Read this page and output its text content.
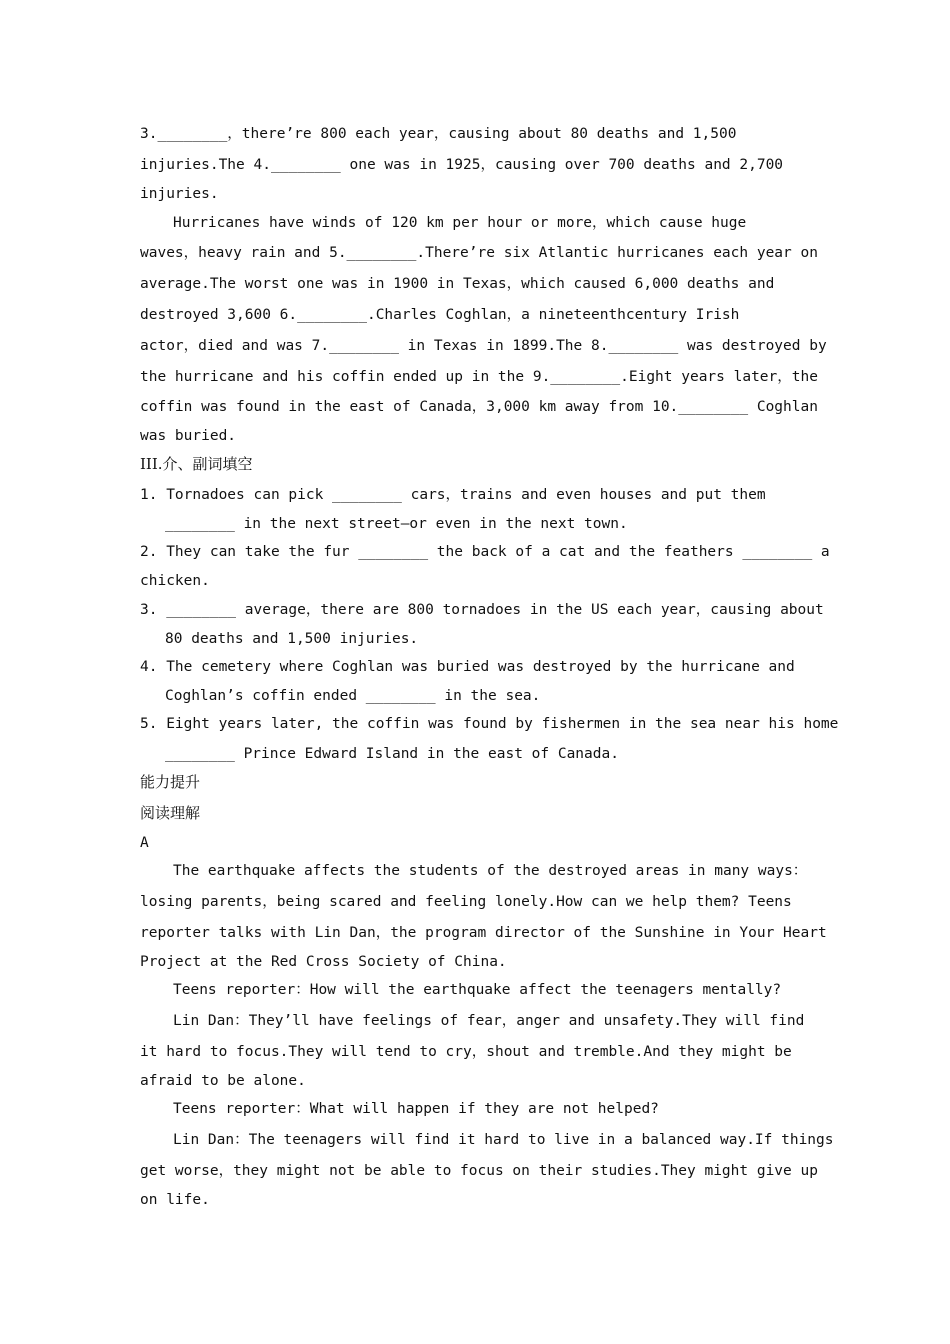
3.________，there’re 800 each year，causing about 80 deaths and 1,500
injuries.The 4.________ one was in 1925，causing over 700 deaths and 2,700
injuries.
Hurricanes have winds of 120 km per hour or more，which cause huge
waves，heavy rain and 5.________.There’re six Atlantic hurricanes each year on
average.The worst one was in 1900 in Texas，which caused 6,000 deaths and
destroyed 3,600 6.________.Charles Coghlan，a nineteenthcentury Irish
actor，died and was 7.________ in Texas in 1899.The 8.________ was destroyed by
the hurricane and his coffin ended up in the 9.________.Eight years later，the
coffin was found in the east of Canada，3,000 km away from 10.________ Coghlan
was buried.
III.介、副词填空
1. Tornadoes can pick ________ cars，trains and even houses and put them
________ in the next street—or even in the next town.
2. They can take the fur ________ the back of a cat and the feathers ________ a
chicken.
3. ________ average，there are 800 tornadoes in the US each year，causing about
80 deaths and 1,500 injuries.
4. The cemetery where Coghlan was buried was destroyed by the hurricane and
Coghlan’s coffin ended ________ in the sea.
5. Eight years later, the coffin was found by fishermen in the sea near his home
________ Prince Edward Island in the east of Canada.
能力提升
阅读理解
A
The earthquake affects the students of the destroyed areas in many ways：
losing parents，being scared and feeling lonely.How can we help them? Teens
reporter talks with Lin Dan，the program director of the Sunshine in Your Heart
Project at the Red Cross Society of China.
Teens reporter：How will the earthquake affect the teenagers mentally?
Lin Dan：They’ll have feelings of fear，anger and unsafety.They will find
it hard to focus.They will tend to cry，shout and tremble.And they might be
afraid to be alone.
Teens reporter：What will happen if they are not helped?
Lin Dan：The teenagers will find it hard to live in a balanced way.If things
get worse，they might not be able to focus on their studies.They might give up
on life.
